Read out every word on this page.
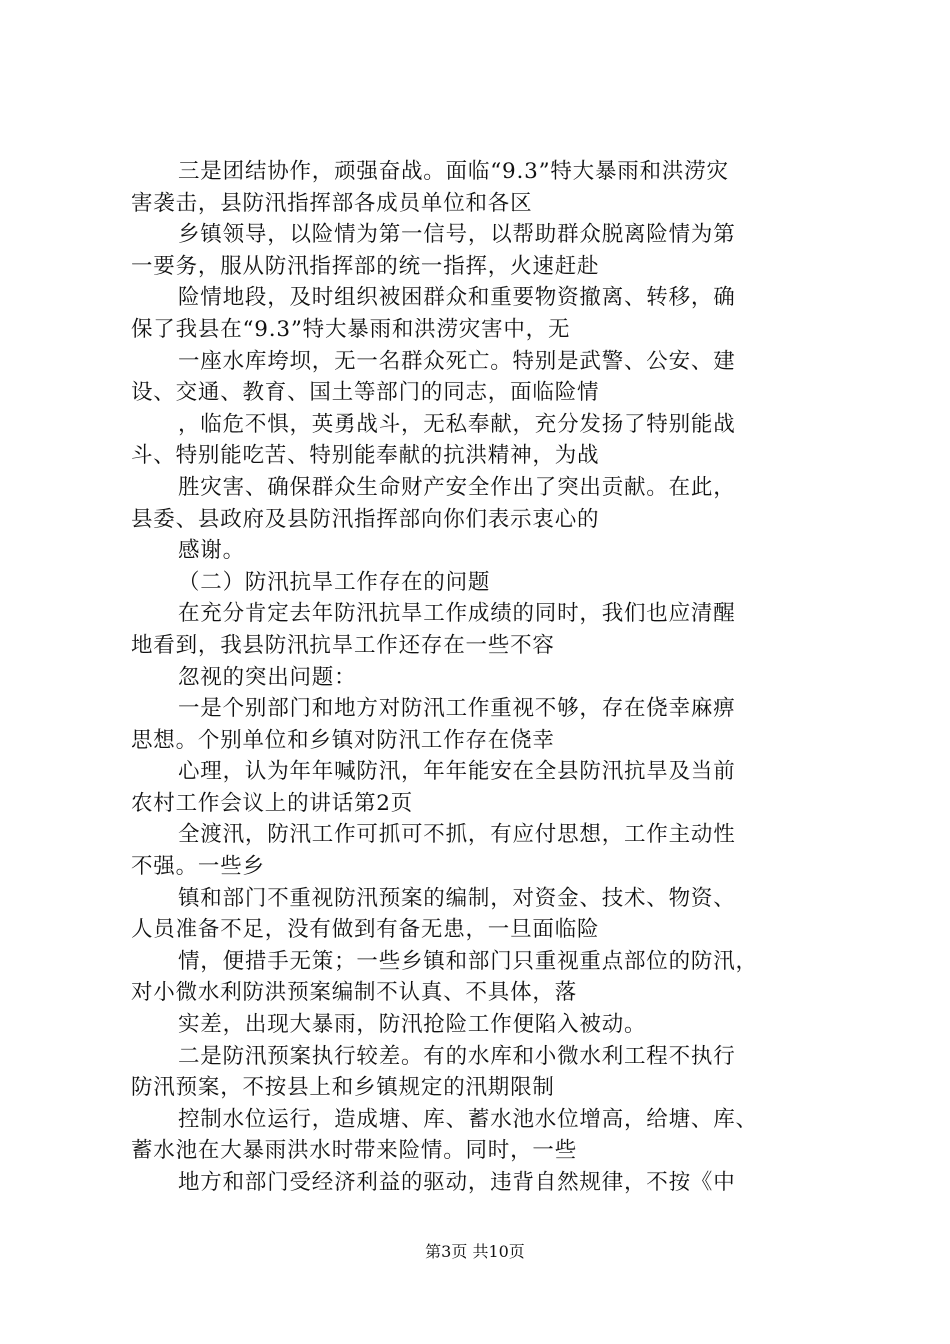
三是团结协作，顽强奋战。面临“9.3”特大暴雨和洪涝灾
害袭击，县防汛指挥部各成员单位和各区
乡镇领导，以险情为第一信号，以帮助群众脱离险情为第
一要务，服从防汛指挥部的统一指挥，火速赶赴
险情地段，及时组织被困群众和重要物资撤离、转移，确
保了我县在“9.3”特大暴雨和洪涝灾害中，无
一座水库垮坝，无一名群众死亡。特别是武警、公安、建
设、交通、教育、国土等部门的同志，面临险情
，临危不惧，英勇战斗，无私奉献，充分发扬了特别能战
斗、特别能吃苦、特别能奉献的抗洪精神，为战
胜灾害、确保群众生命财产安全作出了突出贡献。在此，
县委、县政府及县防汛指挥部向你们表示衷心的
感谢。
（二）防汛抗旱工作存在的问题
在充分肯定去年防汛抗旱工作成绩的同时，我们也应清醒
地看到，我县防汛抗旱工作还存在一些不容
忽视的突出问题：
一是个别部门和地方对防汛工作重视不够，存在侥幸麻痹
思想。个别单位和乡镇对防汛工作存在侥幸
心理，认为年年喊防汛，年年能安在全县防汛抗旱及当前
农村工作会议上的讲话第2页
全渡汛，防汛工作可抓可不抓，有应付思想，工作主动性
不强。一些乡
镇和部门不重视防汛预案的编制，对资金、技术、物资、
人员准备不足，没有做到有备无患，一旦面临险
情，便措手无策；一些乡镇和部门只重视重点部位的防汛，
对小微水利防洪预案编制不认真、不具体，落
实差，出现大暴雨，防汛抢险工作便陷入被动。
二是防汛预案执行较差。有的水库和小微水利工程不执行
防汛预案，不按县上和乡镇规定的汛期限制
控制水位运行，造成塘、库、蓄水池水位增高，给塘、库、
蓄水池在大暴雨洪水时带来险情。同时，一些
地方和部门受经济利益的驱动，违背自然规律，不按《中
第3页 共10页
